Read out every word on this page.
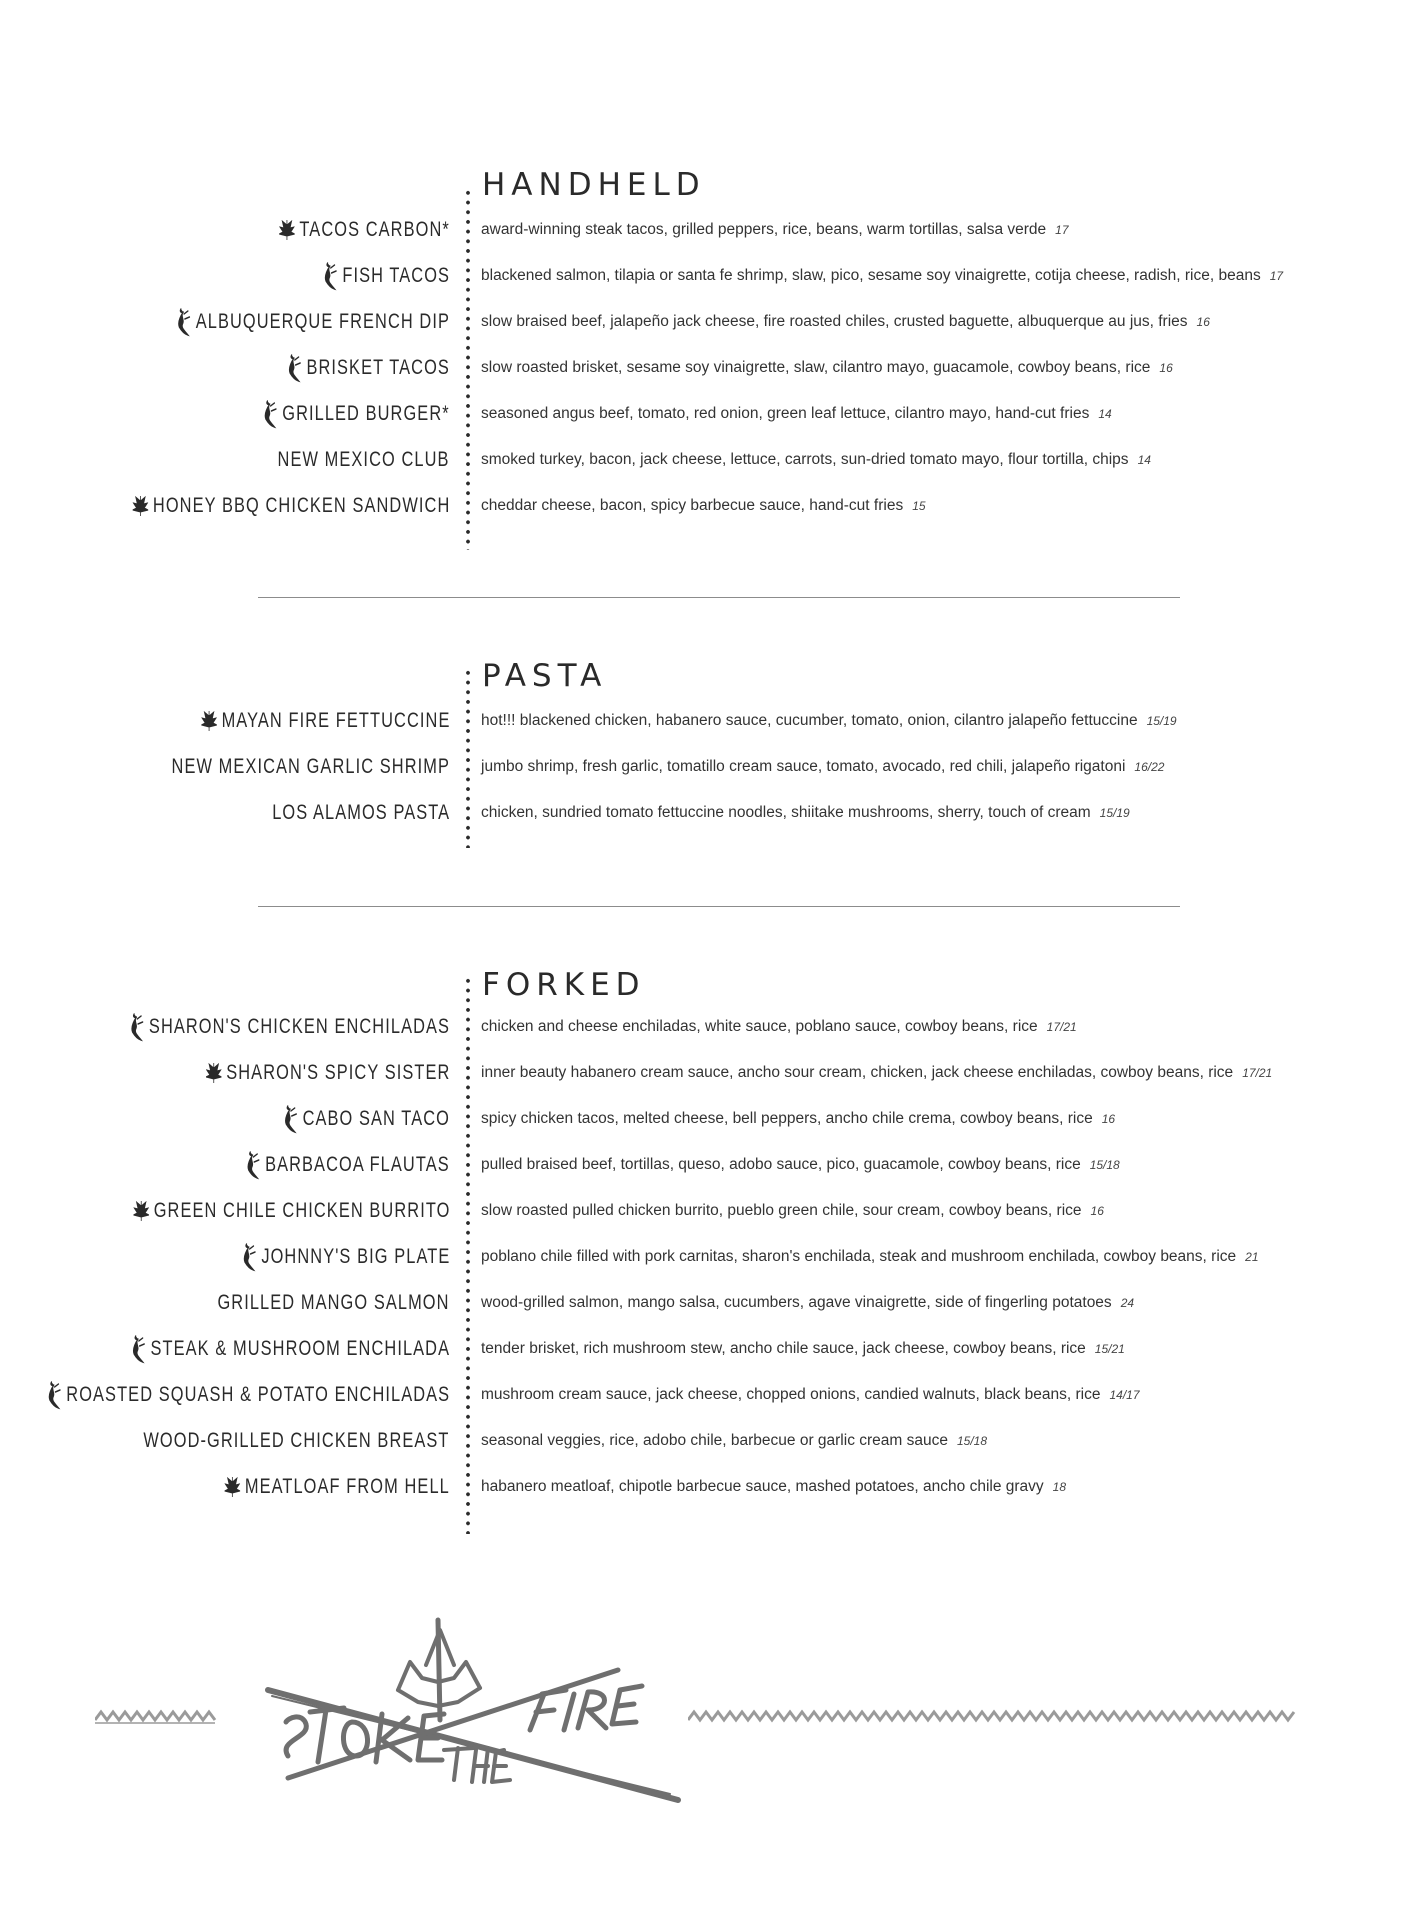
HANDHELD
TACOS CARBON* award-winning steak tacos, grilled peppers, rice, beans, warm tortillas, salsa verde 17
FISH TACOS blackened salmon, tilapia or santa fe shrimp, slaw, pico, sesame soy vinaigrette, cotija cheese, radish, rice, beans 17
ALBUQUERQUE FRENCH DIP slow braised beef, jalapeño jack cheese, fire roasted chiles, crusted baguette, albuquerque au jus, fries 16
BRISKET TACOS slow roasted brisket, sesame soy vinaigrette, slaw, cilantro mayo, guacamole, cowboy beans, rice 16
GRILLED BURGER* seasoned angus beef, tomato, red onion, green leaf lettuce, cilantro mayo, hand-cut fries 14
NEW MEXICO CLUB smoked turkey, bacon, jack cheese, lettuce, carrots, sun-dried tomato mayo, flour tortilla, chips 14
HONEY BBQ CHICKEN SANDWICH cheddar cheese, bacon, spicy barbecue sauce, hand-cut fries 15
PASTA
MAYAN FIRE FETTUCCINE hot!!! blackened chicken, habanero sauce, cucumber, tomato, onion, cilantro jalapeño fettuccine 15/19
NEW MEXICAN GARLIC SHRIMP jumbo shrimp, fresh garlic, tomatillo cream sauce, tomato, avocado, red chili, jalapeño rigatoni 16/22
LOS ALAMOS PASTA chicken, sundried tomato fettuccine noodles, shiitake mushrooms, sherry, touch of cream 15/19
FORKED
SHARON'S CHICKEN ENCHILADAS chicken and cheese enchiladas, white sauce, poblano sauce, cowboy beans, rice 17/21
SHARON'S SPICY SISTER inner beauty habanero cream sauce, ancho sour cream, chicken, jack cheese enchiladas, cowboy beans, rice 17/21
CABO SAN TACO spicy chicken tacos, melted cheese, bell peppers, ancho chile crema, cowboy beans, rice 16
BARBACOA FLAUTAS pulled braised beef, tortillas, queso, adobo sauce, pico, guacamole, cowboy beans, rice 15/18
GREEN CHILE CHICKEN BURRITO slow roasted pulled chicken burrito, pueblo green chile, sour cream, cowboy beans, rice 16
JOHNNY'S BIG PLATE poblano chile filled with pork carnitas, sharon's enchilada, steak and mushroom enchilada, cowboy beans, rice 21
GRILLED MANGO SALMON wood-grilled salmon, mango salsa, cucumbers, agave vinaigrette, side of fingerling potatoes 24
STEAK & MUSHROOM ENCHILADA tender brisket, rich mushroom stew, ancho chile sauce, jack cheese, cowboy beans, rice 15/21
ROASTED SQUASH & POTATO ENCHILADAS mushroom cream sauce, jack cheese, chopped onions, candied walnuts, black beans, rice 14/17
WOOD-GRILLED CHICKEN BREAST seasonal veggies, rice, adobo chile, barbecue or garlic cream sauce 15/18
MEATLOAF FROM HELL habanero meatloaf, chipotle barbecue sauce, mashed potatoes, ancho chile gravy 18
